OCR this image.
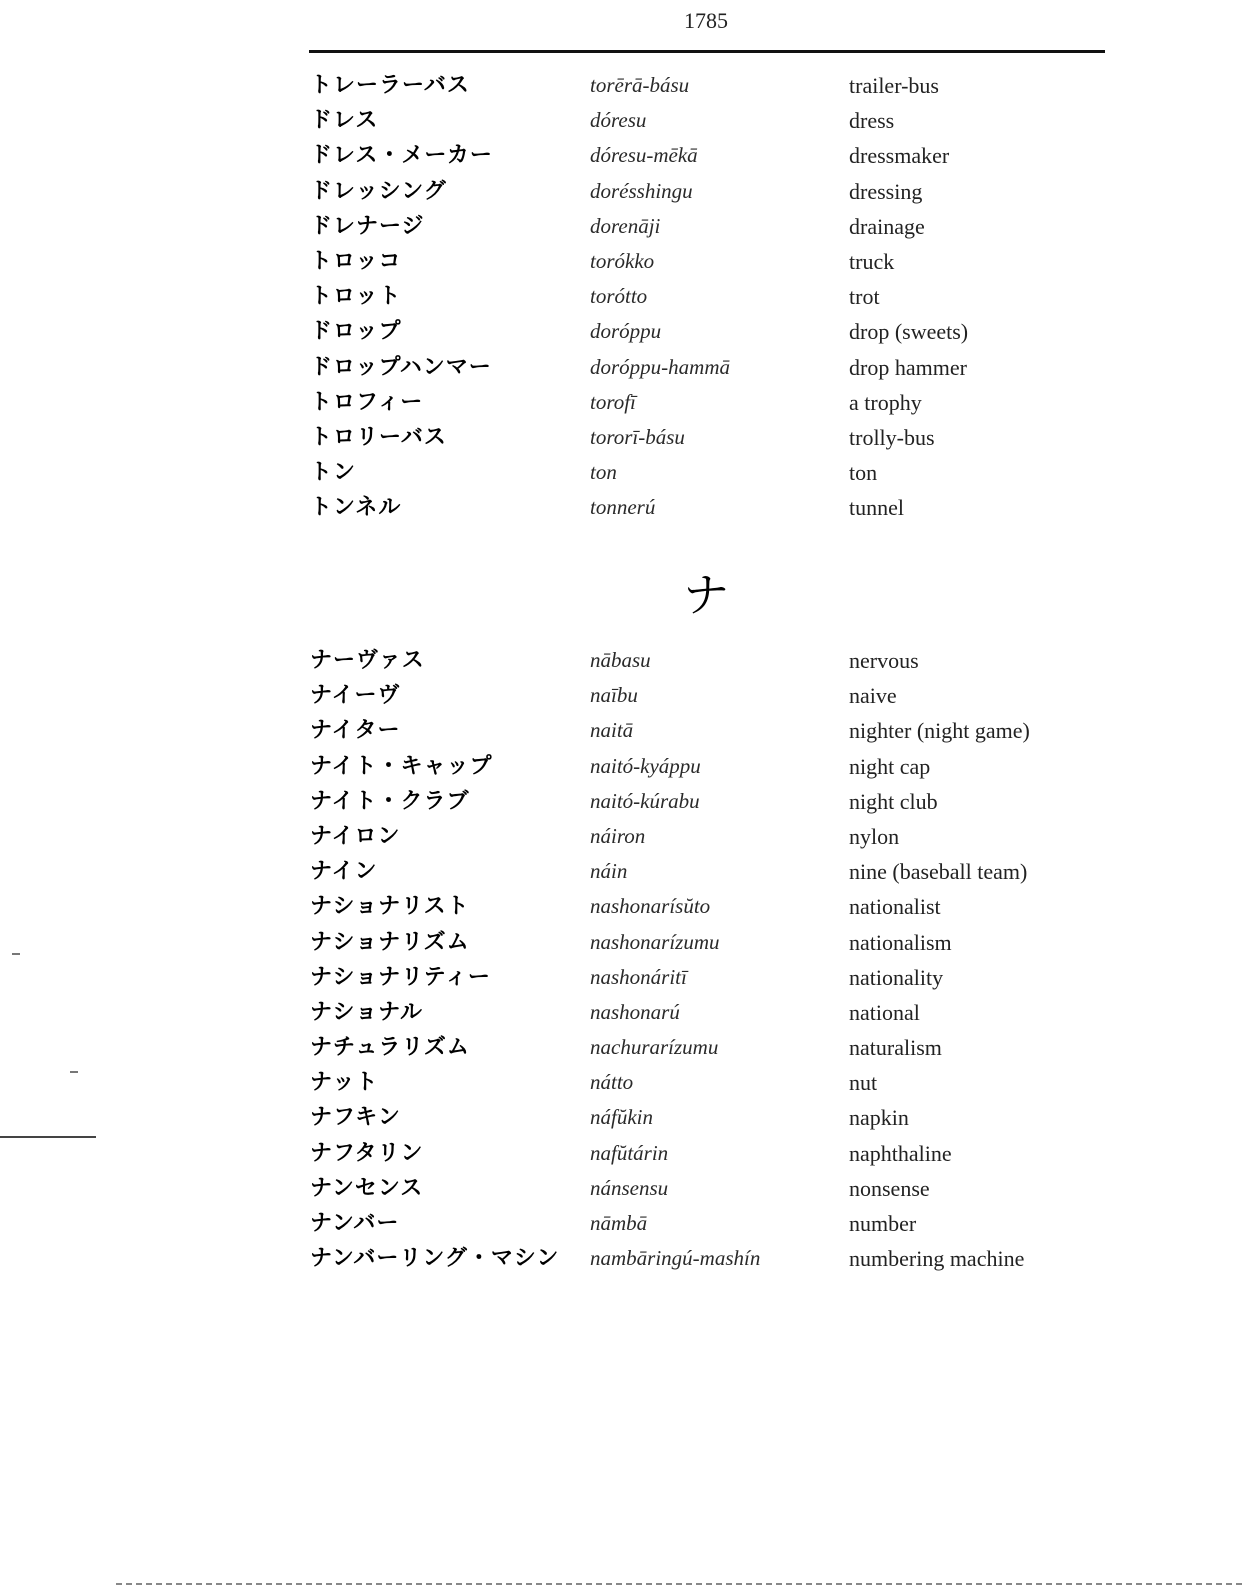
1785
トレーラーバス	torērā-básu	trailer-bus
ドレス	dóresu	dress
ドレス・メーカー	dóresu-mēkā	dressmaker
ドレッシング	dorésshingu	dressing
ドレナージ	dorenāji	drainage
トロッコ	torókko	truck
トロット	torótto	trot
ドロップ	doróppu	drop (sweets)
ドロップハンマー	doróppu-hammā	drop hammer
トロフィー	torofī	a trophy
トロリーバス	tororī-básu	trolly-bus
トン	ton	ton
トンネル	tonnerú	tunnel
ナ
ナーヴァス	nābasu	nervous
ナイーヴ	naību	naive
ナイター	naitā	nighter (night game)
ナイト・キャップ	naitó-kyáppu	night cap
ナイト・クラブ	naitó-kúrabu	night club
ナイロン	náiron	nylon
ナイン	náin	nine (baseball team)
ナショナリスト	nashonarísŭto	nationalist
ナショナリズム	nashonarízumu	nationalism
ナショナリティー	nashonáritī	nationality
ナショナル	nashonarú	national
ナチュラリズム	nachurarízumu	naturalism
ナット	nátto	nut
ナフキン	náfŭkin	napkin
ナフタリン	nafŭtárin	naphthaline
ナンセンス	nánsensu	nonsense
ナンバー	nāmbā	number
ナンバーリング・マシン nambāringú-mashín	numbering machine
